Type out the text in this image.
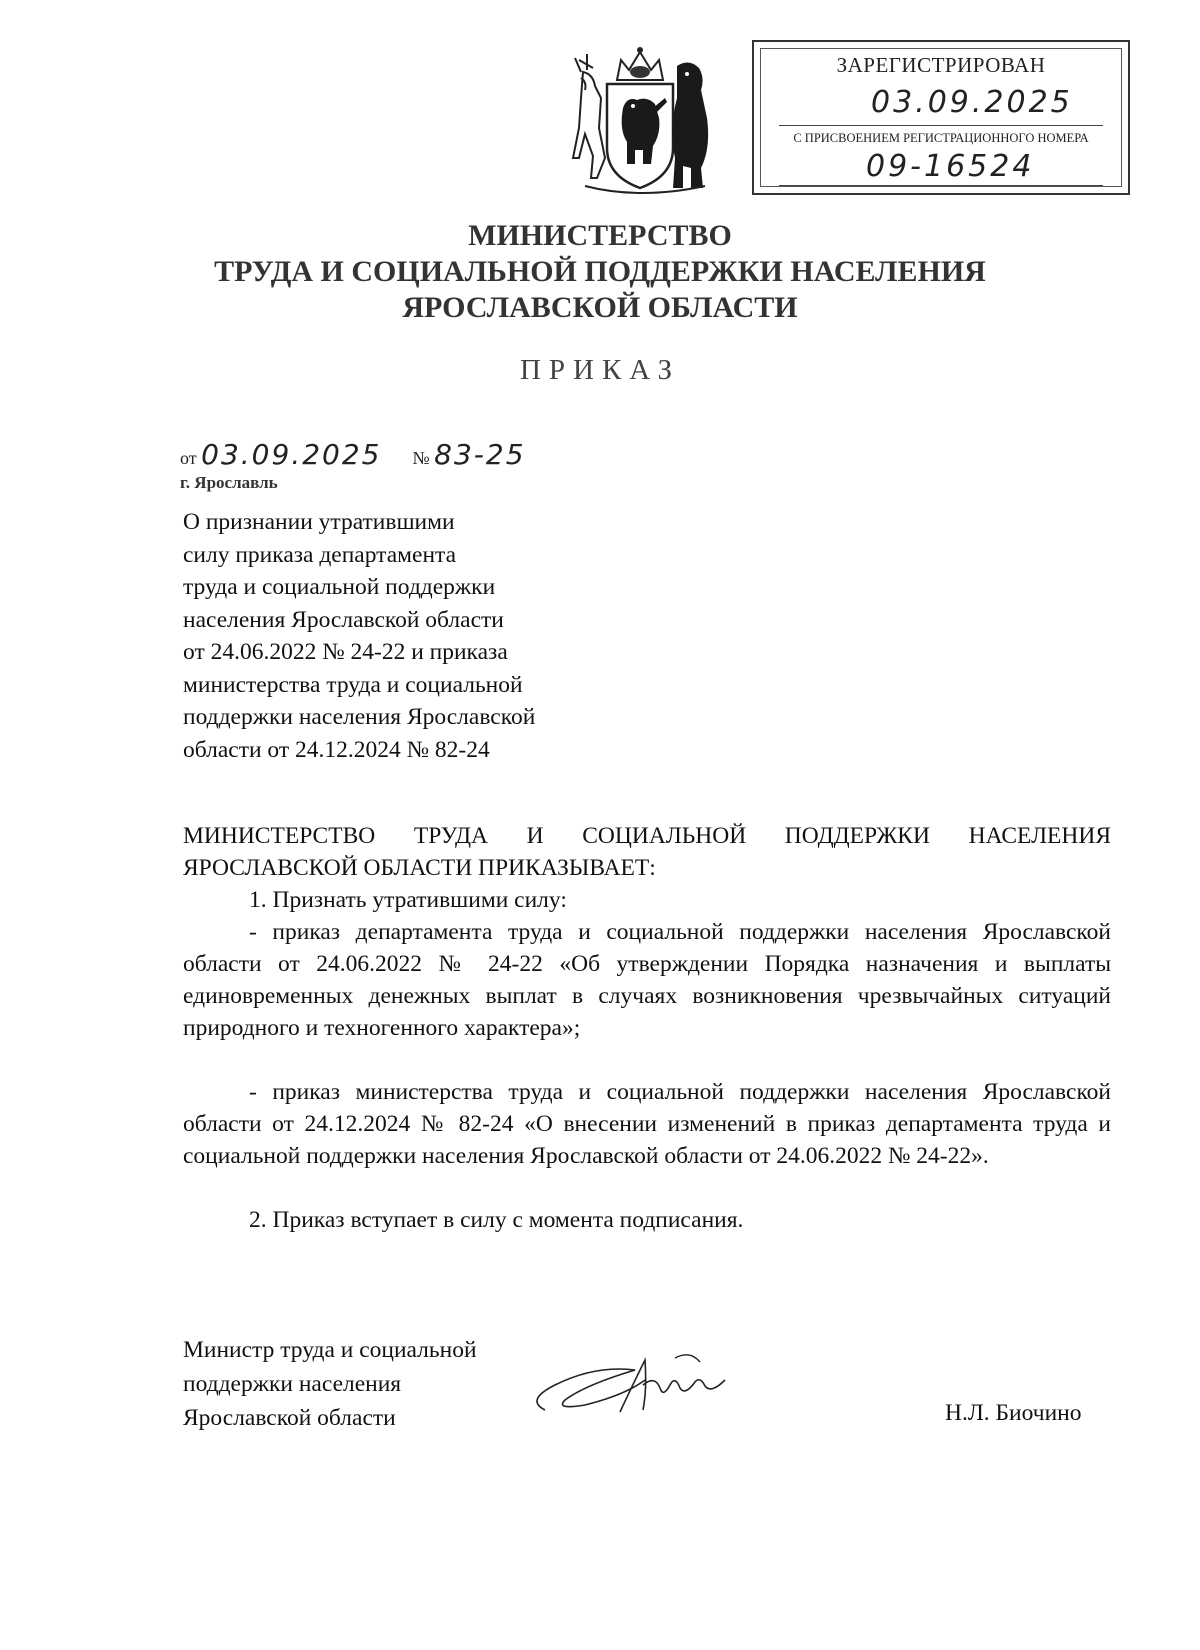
ЗАРЕГИСТРИРОВАН
03.09.2025
С ПРИСВОЕНИЕМ РЕГИСТРАЦИОННОГО НОМЕРА
09-16524
МИНИСТЕРСТВО
ТРУДА И СОЦИАЛЬНОЙ ПОДДЕРЖКИ НАСЕЛЕНИЯ
ЯРОСЛАВСКОЙ ОБЛАСТИ
ПРИКАЗ
от 03.09.2025 № 83-25
г. Ярославль
О признании утратившими
силу приказа департамента
труда и социальной поддержки
населения Ярославской области
от 24.06.2022 № 24-22 и приказа
министерства труда и социальной
поддержки населения Ярославской
области от 24.12.2024 № 82-24
МИНИСТЕРСТВО ТРУДА И СОЦИАЛЬНОЙ ПОДДЕРЖКИ НАСЕЛЕНИЯ ЯРОСЛАВСКОЙ ОБЛАСТИ ПРИКАЗЫВАЕТ:
1. Признать утратившими силу:
- приказ департамента труда и социальной поддержки населения Ярославской области от 24.06.2022 № 24-22 «Об утверждении Порядка назначения и выплаты единовременных денежных выплат в случаях возникновения чрезвычайных ситуаций природного и техногенного характера»;
- приказ министерства труда и социальной поддержки населения Ярославской области от 24.12.2024 № 82-24 «О внесении изменений в приказ департамента труда и социальной поддержки населения Ярославской области от 24.06.2022 № 24-22».
2. Приказ вступает в силу с момента подписания.
Министр труда и социальной
поддержки населения
Ярославской области	Н.Л. Биочино
